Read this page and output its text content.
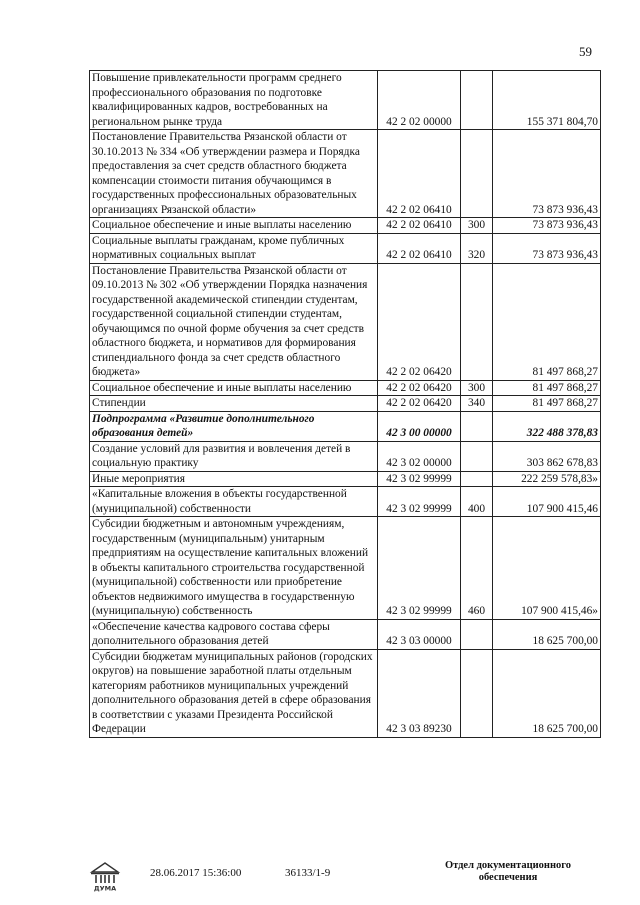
59
Повышение привлекательности программ среднего профессионального образования по подготовке квалифицированных кадров, востребованных на региональном рынке труда	42 2 02 00000		155 371 804,70
Постановление Правительства Рязанской области от 30.10.2013 № 334 «Об утверждении размера и Порядка предоставления за счет средств областного бюджета компенсации стоимости питания обучающимся в государственных профессиональных образовательных организациях Рязанской области»	42 2 02 06410		73 873 936,43
Социальное обеспечение и иные выплаты населению	42 2 02 06410	300	73 873 936,43
Социальные выплаты гражданам, кроме публичных нормативных социальных выплат	42 2 02 06410	320	73 873 936,43
Постановление Правительства Рязанской области от 09.10.2013 № 302 «Об утверждении Порядка назначения государственной академической стипендии студентам, государственной социальной стипендии студентам, обучающимся по очной форме обучения за счет средств областного бюджета, и нормативов для формирования стипендиального фонда за счет средств областного бюджета»	42 2 02 06420		81 497 868,27
Социальное обеспечение и иные выплаты населению	42 2 02 06420	300	81 497 868,27
Стипендии	42 2 02 06420	340	81 497 868,27
Подпрограмма «Развитие дополнительного образования детей»	42 3 00 00000		322 488 378,83
Создание условий для развития и вовлечения детей в социальную практику	42 3 02 00000		303 862 678,83
Иные мероприятия	42 3 02 99999		222 259 578,83»
«Капитальные вложения в объекты государственной (муниципальной) собственности	42 3 02 99999	400	107 900 415,46
Субсидии бюджетным и автономным учреждениям, государственным (муниципальным) унитарным предприятиям на осуществление капитальных вложений в объекты капитального строительства государственной (муниципальной) собственности или приобретение объектов недвижимого имущества в государственную (муниципальную) собственность	42 3 02 99999	460	107 900 415,46»
«Обеспечение качества кадрового состава сферы дополнительного образования детей	42 3 03 00000		18 625 700,00
Субсидии бюджетам муниципальных районов (городских округов) на повышение заработной платы отдельным категориям работников муниципальных учреждений дополнительного образования детей в сфере образования в соответствии с указами Президента Российской Федерации	42 3 03 89230		18 625 700,00
ДУМА
28.06.2017 15:36:00	36133/1-9
Отдел документационного
обеспечения
